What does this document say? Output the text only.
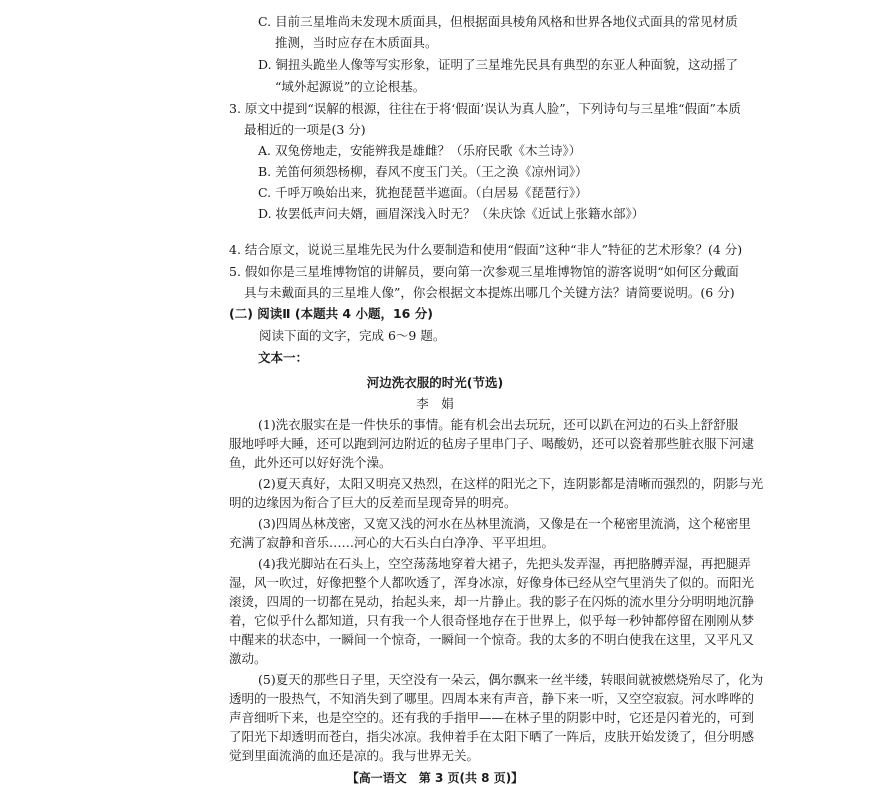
C. 目前三星堆尚未发现木质面具，但根据面具棱角风格和世界各地仪式面具的常见材质
推测，当时应存在木质面具。
D. 铜扭头跪坐人像等写实形象，证明了三星堆先民具有典型的东亚人种面貌，这动摇了
“域外起源说”的立论根基。
3. 原文中提到“误解的根源，往往在于将‘假面’误认为真人脸”，下列诗句与三星堆“假面”本质
最相近的一项是(3 分)
A. 双兔傍地走，安能辨我是雄雌？（乐府民歌《木兰诗》）
B. 羌笛何须怨杨柳，春风不度玉门关。（王之涣《凉州词》）
C. 千呼万唤始出来，犹抱琵琶半遮面。（白居易《琵琶行》）
D. 妆罢低声问夫婿，画眉深浅入时无？（朱庆馀《近试上张籍水部》）
4. 结合原文，说说三星堆先民为什么要制造和使用“假面”这种“非人”特征的艺术形象？(4 分)
5. 假如你是三星堆博物馆的讲解员，要向第一次参观三星堆博物馆的游客说明“如何区分戴面
具与未戴面具的三星堆人像”，你会根据文本提炼出哪几个关键方法？请简要说明。(6 分)
(二) 阅读Ⅱ (本题共 4 小题，16 分)
阅读下面的文字，完成 6～9 题。
文本一：
河边洗衣服的时光(节选)
李　娟
(1)洗衣服实在是一件快乐的事情。能有机会出去玩玩，还可以趴在河边的石头上舒舒服
服地呼呼大睡，还可以跑到河边附近的毡房子里串门子、喝酸奶，还可以瓷着那些脏衣服下河逮
鱼，此外还可以好好洗个澡。
(2)夏天真好，太阳又明亮又热烈，在这样的阳光之下，连阴影都是清晰而强烈的，阴影与光
明的边缘因为衔合了巨大的反差而呈现奇异的明亮。
(3)四周丛林茂密，又宽又浅的河水在丛林里流淌，又像是在一个秘密里流淌，这个秘密里
充满了寂静和音乐……河心的大石头白白净净、平平坦坦。
(4)我光脚站在石头上，空空荡荡地穿着大裙子，先把头发弄湿，再把胳膊弄湿，再把腿弄
湿，风一吹过，好像把整个人都吹透了，浑身冰凉，好像身体已经从空气里消失了似的。而阳光
滚烫，四周的一切都在晃动，抬起头来，却一片静止。我的影子在闪烁的流水里分分明明地沉静
着，它似乎什么都知道，只有我一个人很奇怪地存在于世界上，似乎每一秒钟都停留在刚刚从梦
中醒来的状态中，一瞬间一个惊奇，一瞬间一个惊奇。我的太多的不明白使我在这里，又平凡又
激动。
(5)夏天的那些日子里，天空没有一朵云，偶尔飘来一丝半缕，转眼间就被燃烧殆尽了，化为
透明的一股热气，不知消失到了哪里。四周本来有声音，静下来一听，又空空寂寂。河水哗哗的
声音细听下来，也是空空的。还有我的手指甲——在林子里的阴影中时，它还是闪着光的，可到
了阳光下却透明而苍白，指尖冰凉。我伸着手在太阳下晒了一阵后，皮肤开始发烫了，但分明感
觉到里面流淌的血还是凉的。我与世界无关。
【高一语文　第 3 页(共 8 页)】
